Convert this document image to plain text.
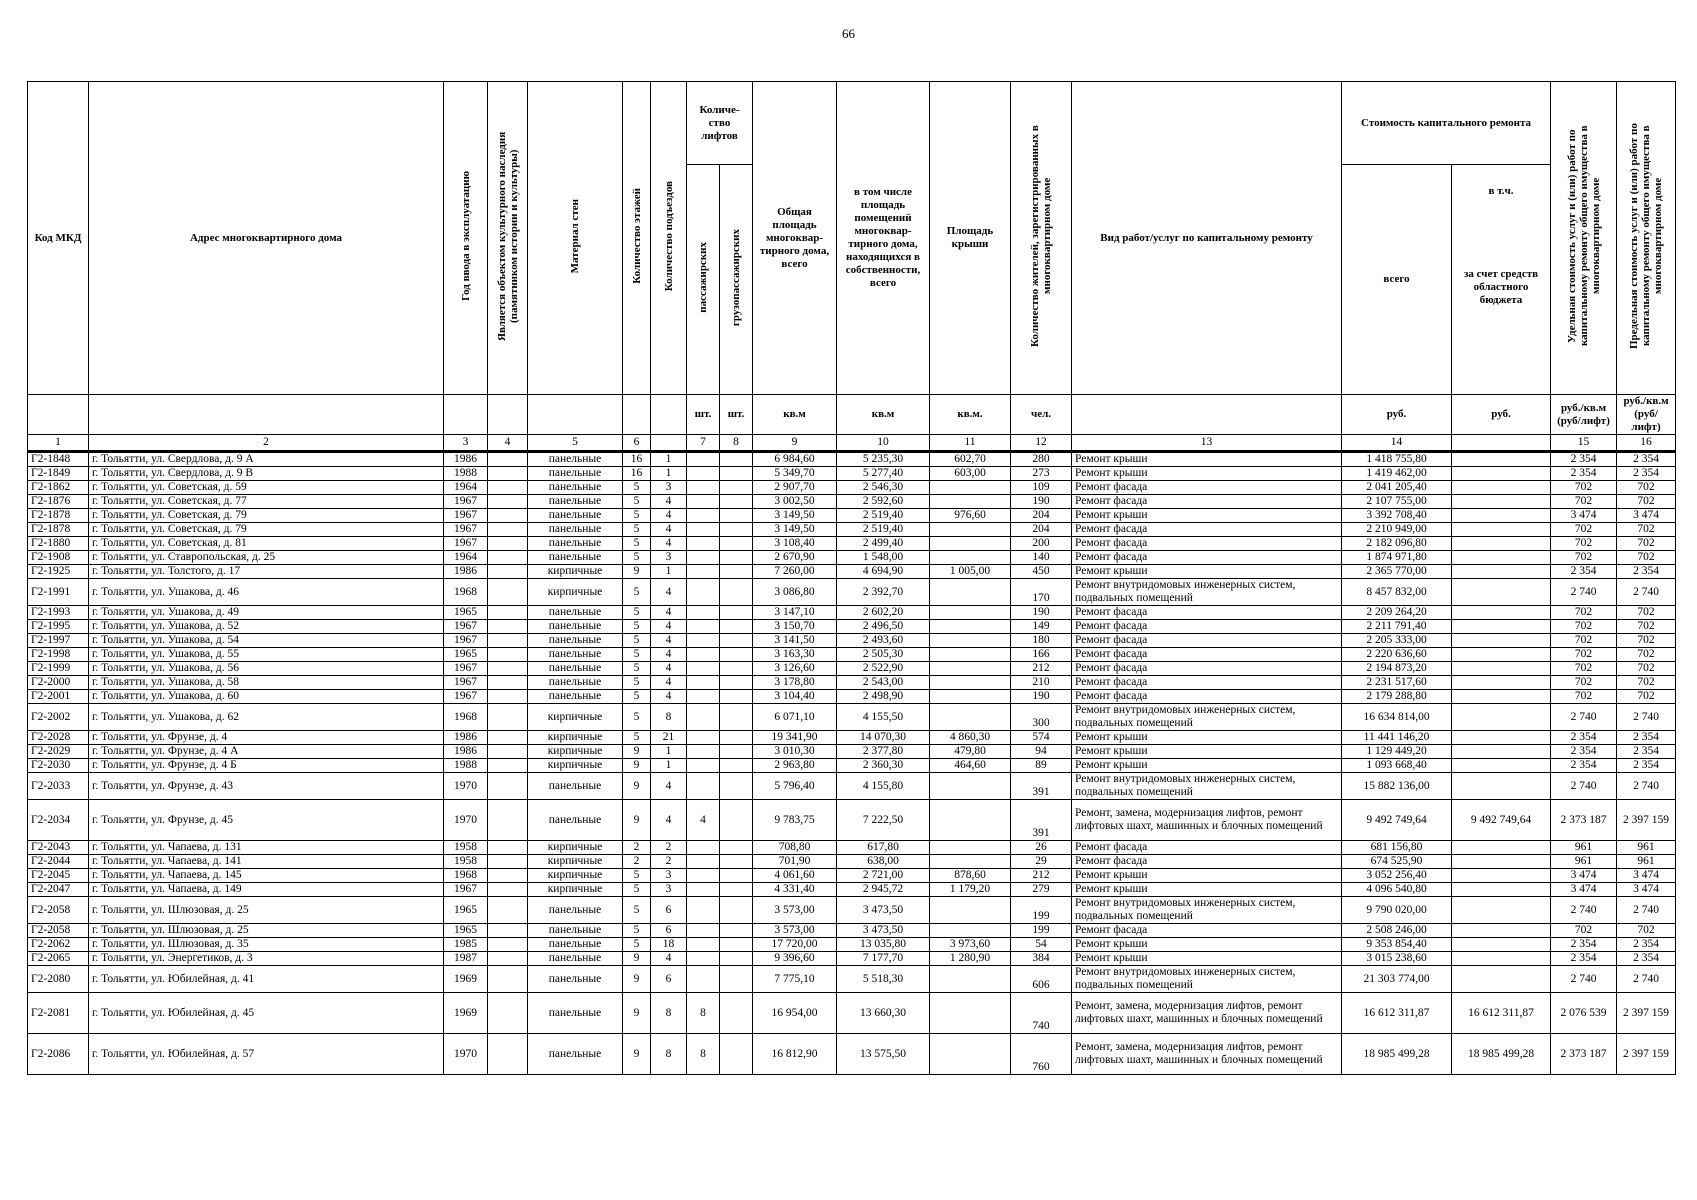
66
Код МКД	Адрес многоквартирного дома	Год ввода в эксплуатацию	Является объектом культурного наследия (памятником истории и культуры)	Материал стен	Количество этажей	Количество подъездов	Количе-ство лифтов		Общая площадь многоквар-тирного дома, всего	в том числе площадь помещений многоквар-тирного дома, находящихся в собственности, всего	Площадь крыши	Количество жителей, зарегистрированных в многоквартирном доме	Вид работ/услуг по капитальному ремонту	Стоимость капитального ремонта		Удельная стоимость услуг и (или) работ по капитальному ремонту общего имущества в многоквартирном доме	Предельная стоимость услуг и (или) работ по капитальному ремонту общего имущества в многоквартирном доме
							пассажирских	грузопассажирских						всего	в т.ч.
за счет средств областного бюджета		

							шт.	шт.	кв.м	кв.м	кв.м.	чел.		руб.	руб.	руб./кв.м (руб/лифт)	руб./кв.м (руб/лифт)
1	2	3	4	5	6		7	8	9	10	11	12	13	14		15	16
Г2-1848	г. Тольятти, ул. Свердлова, д. 9 А	1986		панельные	16	1			6 984,60	5 235,30	602,70	280	Ремонт крыши	1 418 755,80		2 354	2 354
Г2-1849	г. Тольятти, ул. Свердлова, д. 9 В	1988		панельные	16	1			5 349,70	5 277,40	603,00	273	Ремонт крыши	1 419 462,00		2 354	2 354
Г2-1862	г. Тольятти, ул. Советская, д. 59	1964		панельные	5	3			2 907,70	2 546,30		109	Ремонт фасада	2 041 205,40		702	702
Г2-1876	г. Тольятти, ул. Советская, д. 77	1967		панельные	5	4			3 002,50	2 592,60		190	Ремонт фасада	2 107 755,00		702	702
Г2-1878	г. Тольятти, ул. Советская, д. 79	1967		панельные	5	4			3 149,50	2 519,40	976,60	204	Ремонт крыши	3 392 708,40		3 474	3 474
Г2-1878	г. Тольятти, ул. Советская, д. 79	1967		панельные	5	4			3 149,50	2 519,40		204	Ремонт фасада	2 210 949,00		702	702
Г2-1880	г. Тольятти, ул. Советская, д. 81	1967		панельные	5	4			3 108,40	2 499,40		200	Ремонт фасада	2 182 096,80		702	702
Г2-1908	г. Тольятти, ул. Ставропольская, д. 25	1964		панельные	5	3			2 670,90	1 548,00		140	Ремонт фасада	1 874 971,80		702	702
Г2-1925	г. Тольятти, ул. Толстого, д. 17	1986		кирпичные	9	1			7 260,00	4 694,90	1 005,00	450	Ремонт крыши	2 365 770,00		2 354	2 354
Г2-1991	г. Тольятти, ул. Ушакова, д. 46	1968		кирпичные	5	4			3 086,80	2 392,70		170	Ремонт внутридомовых инженерных систем, подвальных помещений	8 457 832,00		2 740	2 740
Г2-1993	г. Тольятти, ул. Ушакова, д. 49	1965		панельные	5	4			3 147,10	2 602,20		190	Ремонт фасада	2 209 264,20		702	702
Г2-1995	г. Тольятти, ул. Ушакова, д. 52	1967		панельные	5	4			3 150,70	2 496,50		149	Ремонт фасада	2 211 791,40		702	702
Г2-1997	г. Тольятти, ул. Ушакова, д. 54	1967		панельные	5	4			3 141,50	2 493,60		180	Ремонт фасада	2 205 333,00		702	702
Г2-1998	г. Тольятти, ул. Ушакова, д. 55	1965		панельные	5	4			3 163,30	2 505,30		166	Ремонт фасада	2 220 636,60		702	702
Г2-1999	г. Тольятти, ул. Ушакова, д. 56	1967		панельные	5	4			3 126,60	2 522,90		212	Ремонт фасада	2 194 873,20		702	702
Г2-2000	г. Тольятти, ул. Ушакова, д. 58	1967		панельные	5	4			3 178,80	2 543,00		210	Ремонт фасада	2 231 517,60		702	702
Г2-2001	г. Тольятти, ул. Ушакова, д. 60	1967		панельные	5	4			3 104,40	2 498,90		190	Ремонт фасада	2 179 288,80		702	702
Г2-2002	г. Тольятти, ул. Ушакова, д. 62	1968		кирпичные	5	8			6 071,10	4 155,50		300	Ремонт внутридомовых инженерных систем, подвальных помещений	16 634 814,00		2 740	2 740
Г2-2028	г. Тольятти, ул. Фрунзе, д. 4	1986		кирпичные	5	21			19 341,90	14 070,30	4 860,30	574	Ремонт крыши	11 441 146,20		2 354	2 354
Г2-2029	г. Тольятти, ул. Фрунзе, д. 4 А	1986		кирпичные	9	1			3 010,30	2 377,80	479,80	94	Ремонт крыши	1 129 449,20		2 354	2 354
Г2-2030	г. Тольятти, ул. Фрунзе, д. 4 Б	1988		кирпичные	9	1			2 963,80	2 360,30	464,60	89	Ремонт крыши	1 093 668,40		2 354	2 354
Г2-2033	г. Тольятти, ул. Фрунзе, д. 43	1970		панельные	9	4			5 796,40	4 155,80		391	Ремонт внутридомовых инженерных систем, подвальных помещений	15 882 136,00		2 740	2 740
Г2-2034	г. Тольятти, ул. Фрунзе, д. 45	1970		панельные	9	4	4		9 783,75	7 222,50		391	Ремонт, замена, модернизация лифтов, ремонт лифтовых шахт, машинных и блочных помещений	9 492 749,64	9 492 749,64	2 373 187	2 397 159
Г2-2043	г. Тольятти, ул. Чапаева, д. 131	1958		кирпичные	2	2			708,80	617,80		26	Ремонт фасада	681 156,80		961	961
Г2-2044	г. Тольятти, ул. Чапаева, д. 141	1958		кирпичные	2	2			701,90	638,00		29	Ремонт фасада	674 525,90		961	961
Г2-2045	г. Тольятти, ул. Чапаева, д. 145	1968		кирпичные	5	3			4 061,60	2 721,00	878,60	212	Ремонт крыши	3 052 256,40		3 474	3 474
Г2-2047	г. Тольятти, ул. Чапаева, д. 149	1967		кирпичные	5	3			4 331,40	2 945,72	1 179,20	279	Ремонт крыши	4 096 540,80		3 474	3 474
Г2-2058	г. Тольятти, ул. Шлюзовая, д. 25	1965		панельные	5	6			3 573,00	3 473,50		199	Ремонт внутридомовых инженерных систем, подвальных помещений	9 790 020,00		2 740	2 740
Г2-2058	г. Тольятти, ул. Шлюзовая, д. 25	1965		панельные	5	6			3 573,00	3 473,50		199	Ремонт фасада	2 508 246,00		702	702
Г2-2062	г. Тольятти, ул. Шлюзовая, д. 35	1985		панельные	5	18			17 720,00	13 035,80	3 973,60	54	Ремонт крыши	9 353 854,40		2 354	2 354
Г2-2065	г. Тольятти, ул. Энергетиков, д. 3	1987		панельные	9	4			9 396,60	7 177,70	1 280,90	384	Ремонт крыши	3 015 238,60		2 354	2 354
Г2-2080	г. Тольятти, ул. Юбилейная, д. 41	1969		панельные	9	6			7 775,10	5 518,30		606	Ремонт внутридомовых инженерных систем, подвальных помещений	21 303 774,00		2 740	2 740
Г2-2081	г. Тольятти, ул. Юбилейная, д. 45	1969		панельные	9	8	8		16 954,00	13 660,30		740	Ремонт, замена, модернизация лифтов, ремонт лифтовых шахт, машинных и блочных помещений	16 612 311,87	16 612 311,87	2 076 539	2 397 159
Г2-2086	г. Тольятти, ул. Юбилейная, д. 57	1970		панельные	9	8	8		16 812,90	13 575,50		760	Ремонт, замена, модернизация лифтов, ремонт лифтовых шахт, машинных и блочных помещений	18 985 499,28	18 985 499,28	2 373 187	2 397 159
